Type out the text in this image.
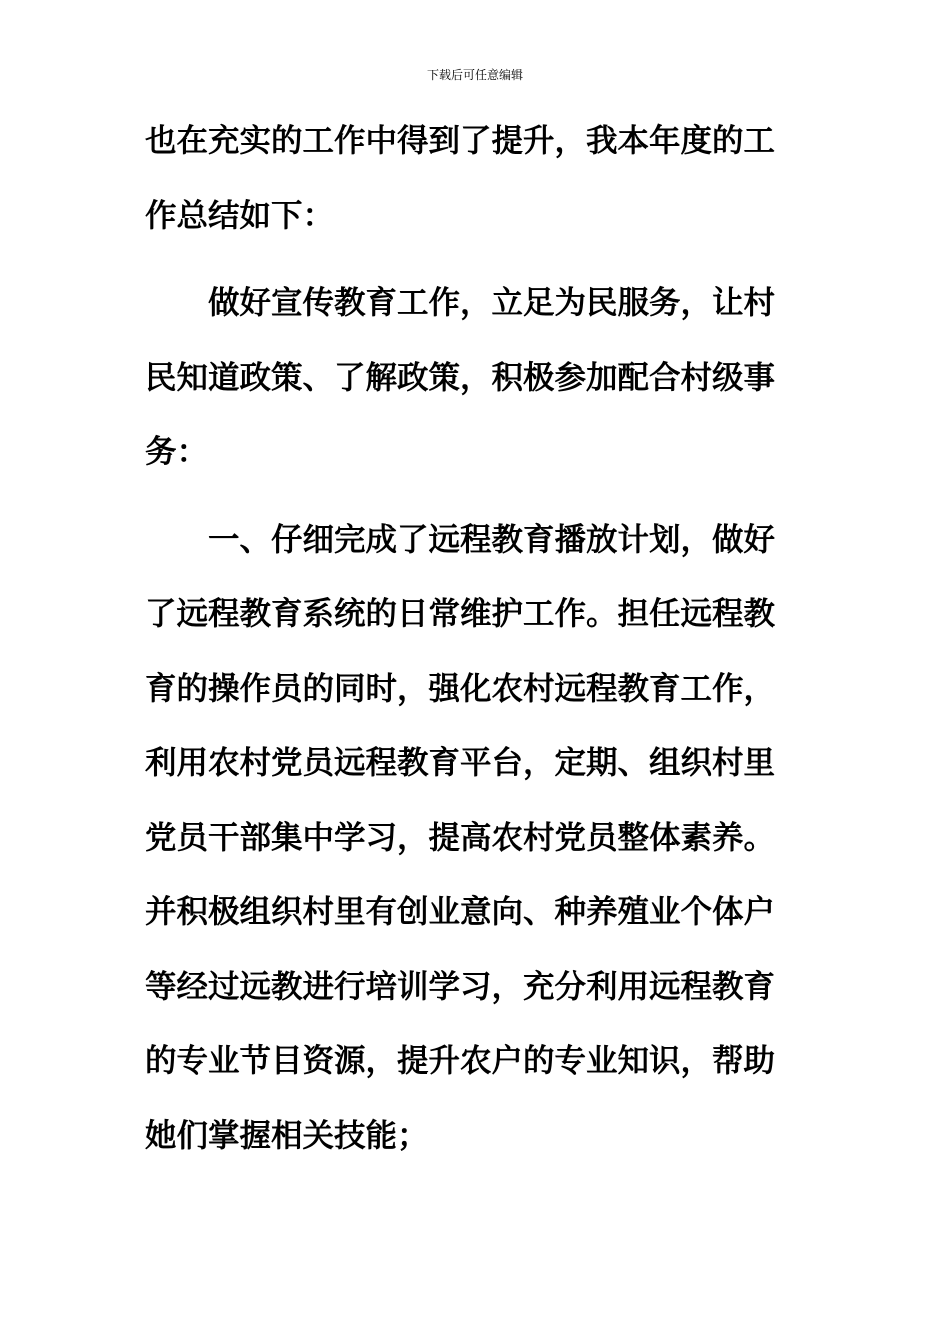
下载后可任意编辑
也在充实的工作中得到了提升，我本年度的工
作总结如下：
做好宣传教育工作，立足为民服务，让村
民知道政策、了解政策，积极参加配合村级事
务：
一、仔细完成了远程教育播放计划，做好
了远程教育系统的日常维护工作。担任远程教
育的操作员的同时，强化农村远程教育工作，
利用农村党员远程教育平台，定期、组织村里
党员干部集中学习，提高农村党员整体素养。
并积极组织村里有创业意向、种养殖业个体户
等经过远教进行培训学习，充分利用远程教育
的专业节目资源，提升农户的专业知识，帮助
她们掌握相关技能；
